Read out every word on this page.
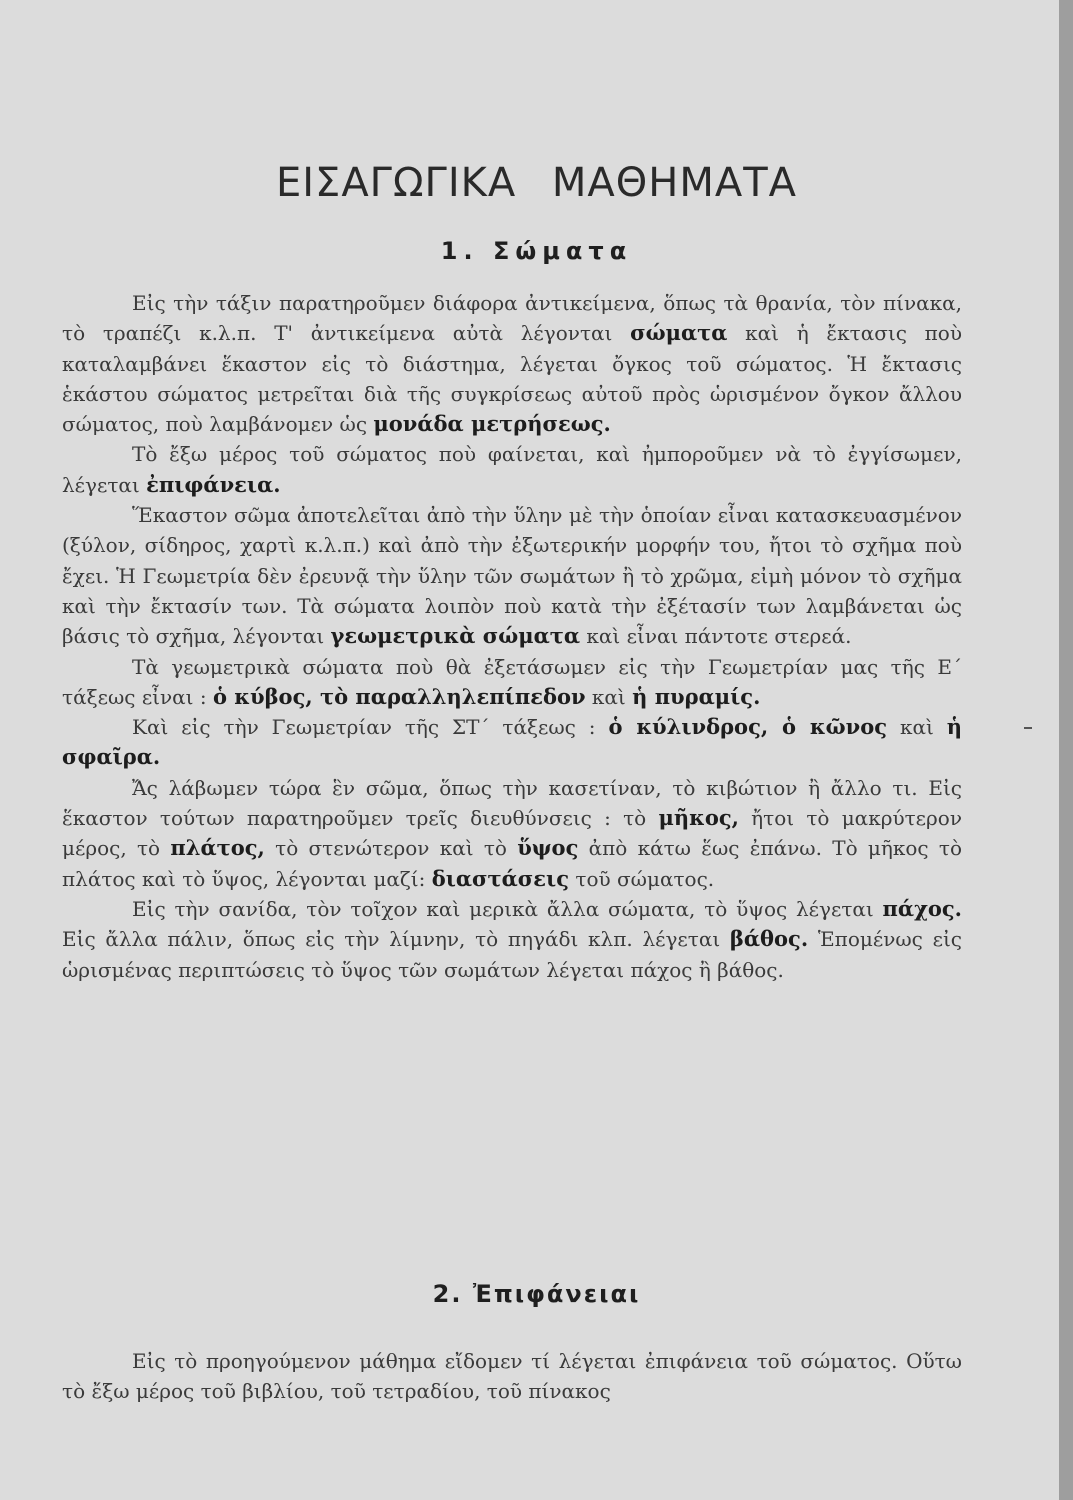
ΕΙΣΑΓΩΓΙΚΑ ΜΑΘΗΜΑΤΑ
1. Σώματα

Εἰς τὴν τάξιν παρατηροῦμεν διάφορα ἀντικείμενα, ὅπως τὰ θρανία, τὸν πίνακα, τὸ τραπέζι κ.λ.π. Τ' ἀντικείμενα αὐτὰ λέγονται σώματα καὶ ἡ ἔκτασις ποὺ καταλαμβάνει ἕκαστον εἰς τὸ διάστημα, λέγεται ὄγκος τοῦ σώματος. Ἡ ἔκτασις ἑκάστου σώματος μετρεῖται διὰ τῆς συγκρίσεως αὐτοῦ πρὸς ὡρισμένον ὄγκον ἄλλου σώματος, ποὺ λαμβάνομεν ὡς μονάδα μετρήσεως.

Τὸ ἔξω μέρος τοῦ σώματος ποὺ φαίνεται, καὶ ἠμποροῦμεν νὰ τὸ ἐγγίσωμεν, λέγεται ἐπιφάνεια.

Ἕκαστον σῶμα ἀποτελεῖται ἀπὸ τὴν ὕλην μὲ τὴν ὁποίαν εἶναι κατασκευασμένον (ξύλον, σίδηρος, χαρτὶ κ.λ.π.) καὶ ἀπὸ τὴν ἐξωτερικήν μορφήν του, ἤτοι τὸ σχῆμα ποὺ ἔχει. Ἡ Γεωμετρία δὲν ἐρευνᾷ τὴν ὕλην τῶν σωμάτων ἢ τὸ χρῶμα, εἰμὴ μόνον τὸ σχῆμα καὶ τὴν ἔκτασίν των. Τὰ σώματα λοιπὸν ποὺ κατὰ τὴν ἐξέτασίν των λαμβάνεται ὡς βάσις τὸ σχῆμα, λέγονται γεωμετρικὰ σώματα καὶ εἶναι πάντοτε στερεά.

Τὰ γεωμετρικὰ σώματα ποὺ θὰ ἐξετάσωμεν εἰς τὴν Γεωμετρίαν μας τῆς Ε΄ τάξεως εἶναι : ὁ κύβος, τὸ παραλληλεπίπεδον καὶ ἡ πυραμίς.

Καὶ εἰς τὴν Γεωμετρίαν τῆς ΣΤ΄ τάξεως : ὁ κύλινδρος, ὁ κῶνος καὶ ἡ σφαῖρα.

Ἄς λάβωμεν τώρα ἓν σῶμα, ὅπως τὴν κασετίναν, τὸ κιβώτιον ἢ ἄλλο τι. Εἰς ἕκαστον τούτων παρατηροῦμεν τρεῖς διευθύνσεις : τὸ μῆκος, ἤτοι τὸ μακρύτερον μέρος, τὸ πλάτος, τὸ στενώτερον καὶ τὸ ὕψος ἀπὸ κάτω ἕως ἐπάνω. Τὸ μῆκος τὸ πλάτος καὶ τὸ ὕψος, λέγονται μαζί: διαστάσεις τοῦ σώματος.

Εἰς τὴν σανίδα, τὸν τοῖχον καὶ μερικὰ ἄλλα σώματα, τὸ ὕψος λέγεται πάχος. Εἰς ἄλλα πάλιν, ὅπως εἰς τὴν λίμνην, τὸ πηγάδι κλπ. λέγεται βάθος. Ἑπομένως εἰς ὡρισμένας περιπτώσεις τὸ ὕψος τῶν σωμάτων λέγεται πάχος ἢ βάθος.

2. Ἐπιφάνειαι

Εἰς τὸ προηγούμενον μάθημα εἴδομεν τί λέγεται ἐπιφάνεια τοῦ σώματος. Οὕτω τὸ ἔξω μέρος τοῦ βιβλίου, τοῦ τετραδίου, τοῦ πίνακος
